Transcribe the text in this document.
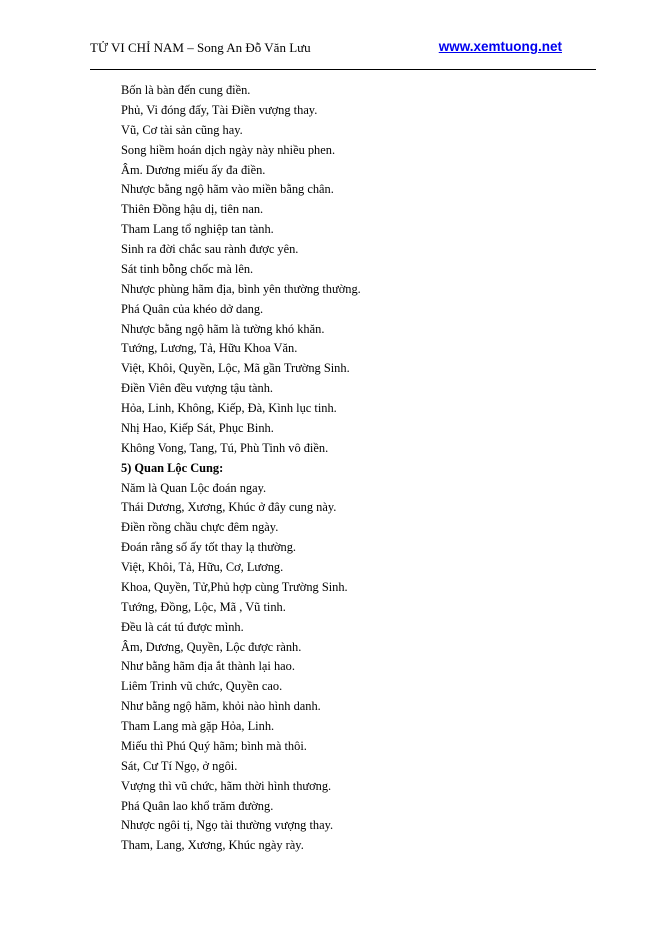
TỬ VI CHỈ NAM – Song An Đỗ Văn Lưu	www.xemtuong.net
Bốn là bàn đến cung điền.
Phủ, Vi đóng đấy, Tài Điền vượng thay.
Vũ, Cơ tài sản cũng hay.
Song hiềm hoán dịch ngày này nhiều phen.
Âm. Dương miếu ấy đa điền.
Nhược bằng ngộ hãm vào miền bằng chân.
Thiên Đồng hậu dị, tiên nan.
Tham Lang tổ nghiệp tan tành.
Sinh ra đời chắc sau rành được yên.
Sát tinh bỗng chốc mà lên.
Nhược phùng hãm địa, bình yên thường thường.
Phá Quân của khéo dở dang.
Nhược bằng ngộ hãm là tường khó khăn.
Tướng, Lương, Tả, Hữu Khoa Văn.
Việt, Khôi, Quyền, Lộc, Mã gần Trường Sinh.
Điền Viên đều vượng tậu tành.
Hỏa, Linh, Không, Kiếp, Đà, Kình lục tinh.
Nhị Hao, Kiếp Sát, Phục Binh.
Không Vong, Tang, Tú, Phù Tinh vô điền.
5) Quan Lộc Cung:
Năm là Quan Lộc đoán ngay.
Thái Dương, Xương, Khúc ở đây cung này.
Điền rồng chầu chực đêm ngày.
Đoán rằng số ấy tốt thay lạ thường.
Việt, Khôi, Tả, Hữu, Cơ, Lương.
Khoa, Quyền, Tử,Phủ hợp cùng Trường Sinh.
Tướng, Đồng, Lộc, Mã , Vũ tinh.
Đều là cát tú được mình.
Âm, Dương, Quyền, Lộc được rành.
Như bằng hãm địa ắt thành lại hao.
Liêm Trinh vũ chức, Quyền cao.
Như bằng ngộ hãm, khỏi nào hình danh.
Tham Lang mà gặp Hỏa, Linh.
Miếu thì Phú Quý hãm; bình mà thôi.
Sát, Cư Tí Ngọ, ở ngôi.
Vượng thì vũ chức, hãm thời hình thương.
Phá Quân lao khổ trăm đường.
Nhược ngôi tị, Ngọ tài thường vượng thay.
Tham, Lang, Xương, Khúc ngày rày.
